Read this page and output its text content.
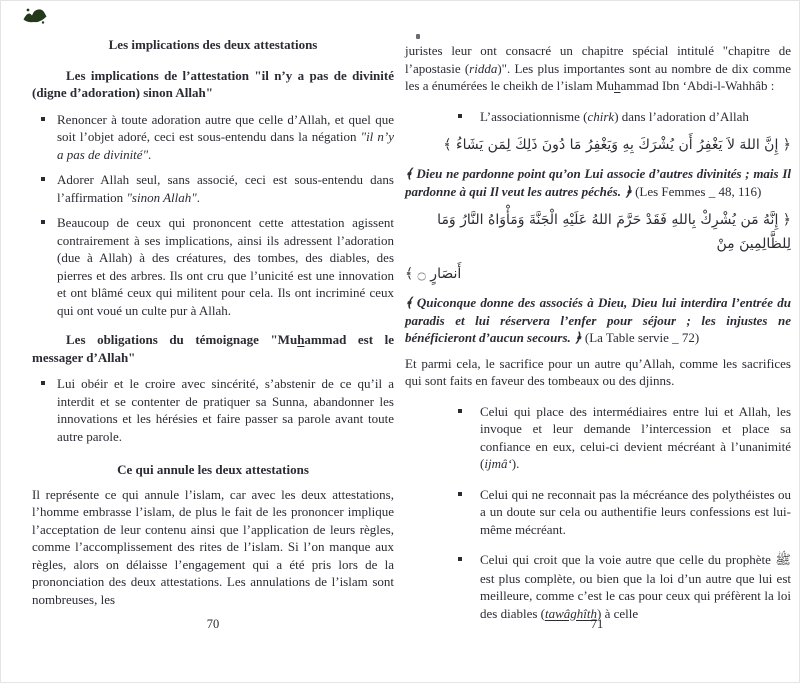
Les implications des deux attestations
Les implications de l’attestation "il n’y a pas de divinité (digne d’adoration) sinon Allah"
Renoncer à toute adoration autre que celle d’Allah, et quel que soit l’objet adoré, ceci est sous-entendu dans la négation "il n’y a pas de divinité".
Adorer Allah seul, sans associé, ceci est sous-entendu dans l’affirmation "sinon Allah".
Beaucoup de ceux qui prononcent cette attestation agissent contrairement à ses implications, ainsi ils adressent l’adoration (due à Allah) à des créatures, des tombes, des diables, des pierres et des arbres. Ils ont cru que l’unicité est une innovation et ont blâmé ceux qui militent pour cela. Ils ont incriminé ceux qui ont voué un culte pur à Allah.
Les obligations du témoignage "Muhammad est le messager d’Allah"
Lui obéir et le croire avec sincérité, s’abstenir de ce qu’il a interdit et se contenter de pratiquer sa Sunna, abandonner les innovations et les hérésies et faire passer sa parole avant toute autre parole.
Ce qui annule les deux attestations
Il représente ce qui annule l’islam, car avec les deux attestations, l’homme embrasse l’islam, de plus le fait de les prononcer implique l’acceptation de leur contenu ainsi que l’application de leurs règles, comme l’accomplissement des rites de l’islam. Si l’on manque aux règles, alors on délaisse l’engagement qui a été pris lors de la prononciation des deux attestations. Les annulations de l’islam sont nombreuses, les
juristes leur ont consacré un chapitre spécial intitulé "chapitre de l’apostasie (ridda)". Les plus importantes sont au nombre de dix comme les a énumérées le cheikh de l’islam Muhammad Ibn ‘Abdi-l-Wahhâb :
L’associationnisme (chirk) dans l’adoration d’Allah
﴿ إِنَّ اللهَ لاَ يَغْفِرُ أَن يُشْرَكَ بِهِ وَيَغْفِرُ مَا دُونَ ذَلِكَ لِمَن يَشَاءُ ﴾
﴾ Dieu ne pardonne point qu’on Lui associe d’autres divinités ; mais Il pardonne à qui Il veut les autres péchés. ﴿ (Les Femmes _ 48, 116)
﴿ إِنَّهُ مَن يُشْرِكْ بِاللهِ فَقَدْ حَرَّمَ اللهُ عَلَيْهِ الْجَنَّةَ وَمَأْوَاهُ النَّارُ وَمَا لِلظَّالِمِينَ مِنْ
أَنصَارٍ ۝ ﴾
﴾ Quiconque donne des associés à Dieu, Dieu lui interdira l’entrée du paradis et lui réservera l’enfer pour séjour ; les injustes ne bénéficieront d’aucun secours. ﴿ (La Table servie _ 72)
Et parmi cela, le sacrifice pour un autre qu’Allah, comme les sacrifices qui sont faits en faveur des tombeaux ou des djinns.
Celui qui place des intermédiaires entre lui et Allah, les invoque et leur demande l’intercession et place sa confiance en eux, celui-ci devient mécréant à l’unanimité (ijmâ‘).
Celui qui ne reconnait pas la mécréance des polythéistes ou a un doute sur cela ou authentifie leurs confessions est lui-même mécréant.
Celui qui croit que la voie autre que celle du prophète ﷺ est plus complète, ou bien que la loi d’un autre que lui est meilleure, comme c’est le cas pour ceux qui préfèrent la loi des diables (tawâghîth) à celle
70	71
